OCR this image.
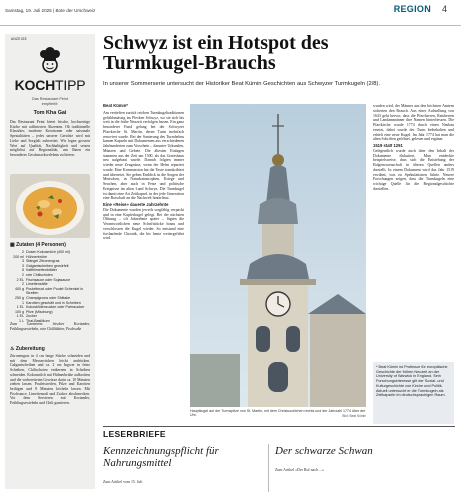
Samstag, 19. Juli 2025 | Bote der Urschweiz	REGION 4
ANZEIGE
KOCHTIPP
Das Restaurant Peint
empfiehlt:
Tom Kha Gai
Das Restaurant Peint bietet frische, hochwertige Küche mit raffinierten Akzenten. Ob traditionelle Klassiker, moderne Kreationen oder saisonale Spezialitäten – jedes unserer Gerichte wird mit Liebe und Sorgfalt zubereitet. Wir legen grossen Wert auf Qualität, Nachhaltigkeit und setzen möglichst auf Regionalität, um Ihnen ein besonderes Geschmackserlebnis zu bieten.
▦ Zutaten (4 Personen)
2 Dosen Kokosmilch (400 ml)
200 ml Hühnerbrühe
3 Stängel Zitronengras
3 Galgantscheiben gewürfelt
5 Kaffirlimettenblätter
2 rote Chilischoten
2 EL Fischsauce oder Sojasauce
2 Limettensäfte
400 g Pouletbrust oder Poulet Schenkel in Streifen
250 g Champignons oder Shiitake
1 Karotten geschält und in Scheiben
1 EL Kokosblütenzucker oder Palmzucker
100 g Pilze (Mischung)
1 EL Zucker
1 L Thai-Basilikum
Zum Garnieren: frischer Koriander, Frühlingszwiebeln, rote Chiliblätter, Fischsoße
♨ Zubereitung
Zitronengras in 4 cm lange Stücke schneiden und mit dem Messerrücken leicht andrücken. Galgantscheiben und ca. 2 cm Ingwer in feine Scheiben, Chilischoten entkernen in Scheiben schneiden. Kokosmilch mit Hühnerbrühe aufkochen und die vorbereiteten Gewürze darin ca. 10 Minuten ziehen lassen. Pouletstreifen, Pilze und Karotten beifügen und 8 Minuten köcheln lassen. Mit Fischsauce, Limettensaft und Zucker abschmecken. Vor dem Servieren mit Koriander, Frühlingszwiebeln und Chili garnieren.
Schwyz ist ein Hotspot des Turmkugel-Brauchs
In unserer Sommerserie untersucht der Historiker Beat Kümin Geschichten aus Schwyzer Turmkugeln (2/8).
Beat Kümin*

Am vertieften zurück reichen Turmkugeltraditionen gefühlsmässig im Flecken Schwyz, wo sie sich bis weit in die frühe Neuzeit verfolgen lassen. Ein ganz besonderer Fund gelang bei der Schwyzer Pfarrkirche St. Martin, deren Turm mehrfach renoviert wurde. Bei der Sanierung des Turmhelms kamen Kapseln mit Dokumenten aus verschiedenen Jahrhunderten zum Vorschein – darunter Urkunden, Münzen und Gebete. Die ältesten Einlagen stammen aus der Zeit um 1500, als das Gotteshaus neu aufgebaut wurde. Danach folgten immer wieder neue Zeugnisse, wenn der Helm repariert wurde. Eine Kommission hat die Texte transkribiert und übersetzt. Sie geben Einblick in die Sorgen der Menschen, in Naturkatastrophen, Kriege und Seuchen, aber auch in Feste und politische Ereignisse im alten Land Schwyz. Die Turmkugel ist damit eine Art Zeitkapsel, in der jede Generation eine Botschaft an die Nachwelt hinterlässt.

Eine «Reise» dauerte Jahrzehnte

Die Dokumente wurden jeweils sorgfältig verpackt und in eine Kupferkugel gelegt. Bei der nächsten Öffnung – oft Jahrzehnte später – fügten die Verantwortlichen neue Schriftstücke hinzu und verschlossen die Kugel wieder. So entstand eine fortlaufende Chronik, die bis heute weitergeführt wird.

Hauptkugel auf der Turmspitze von St. Martin, mit dem Christuszeichen rechts und der Jahrzahl 1774 über der Uhr.	Bild: Beat Kümin

wurden wird, der Männer aus den höchsten Ämtern sicherten den Brauch. Aus einer Aufstellung von 1643 geht hervor, dass die Pfarrherren, Ratsherren und Landammänner ihre Namen hinterliessen. Die Pfarrkirche wurde 1774 durch einen Neubau ersetzt, dabei wurde der Turm beibehalten und erhielt eine neue Kugel. Im Jahr 1774 hat man die alten Schriften geöffnet, gelesen und ergänzt.

1519 statt 1291

Gelegentlich wurde auch über den Inhalt der Dokumente diskutiert. Man entdeckte beispielsweise, dass sich die Entstehung der Eidgenossenschaft in älteren Quellen anders darstellt. In einem Dokument wird das Jahr 1519 erwähnt, was zu Spekulationen führte. Neuere Forschungen zeigen, dass die Turmkugeln eine wichtige Quelle für die Regionalgeschichte darstellen.

* Beat Kümin ist Professor für europäische Geschichte der frühen Neuzeit an der University of Warwick in England. Sein Forschungsinteresse gilt der Sozial- und Kulturgeschichte von Kirche und Politik. Aktuell untersucht er die Turmkugeln als Zeitkapseln im deutschsprachigen Raum.
LESERBRIEFE
Kennzeichnungspflicht für Nahrungsmittel
Zum Artikel vom 15. Juli
Der schwarze Schwan
Zum Artikel «Der Ruf nach ...»
